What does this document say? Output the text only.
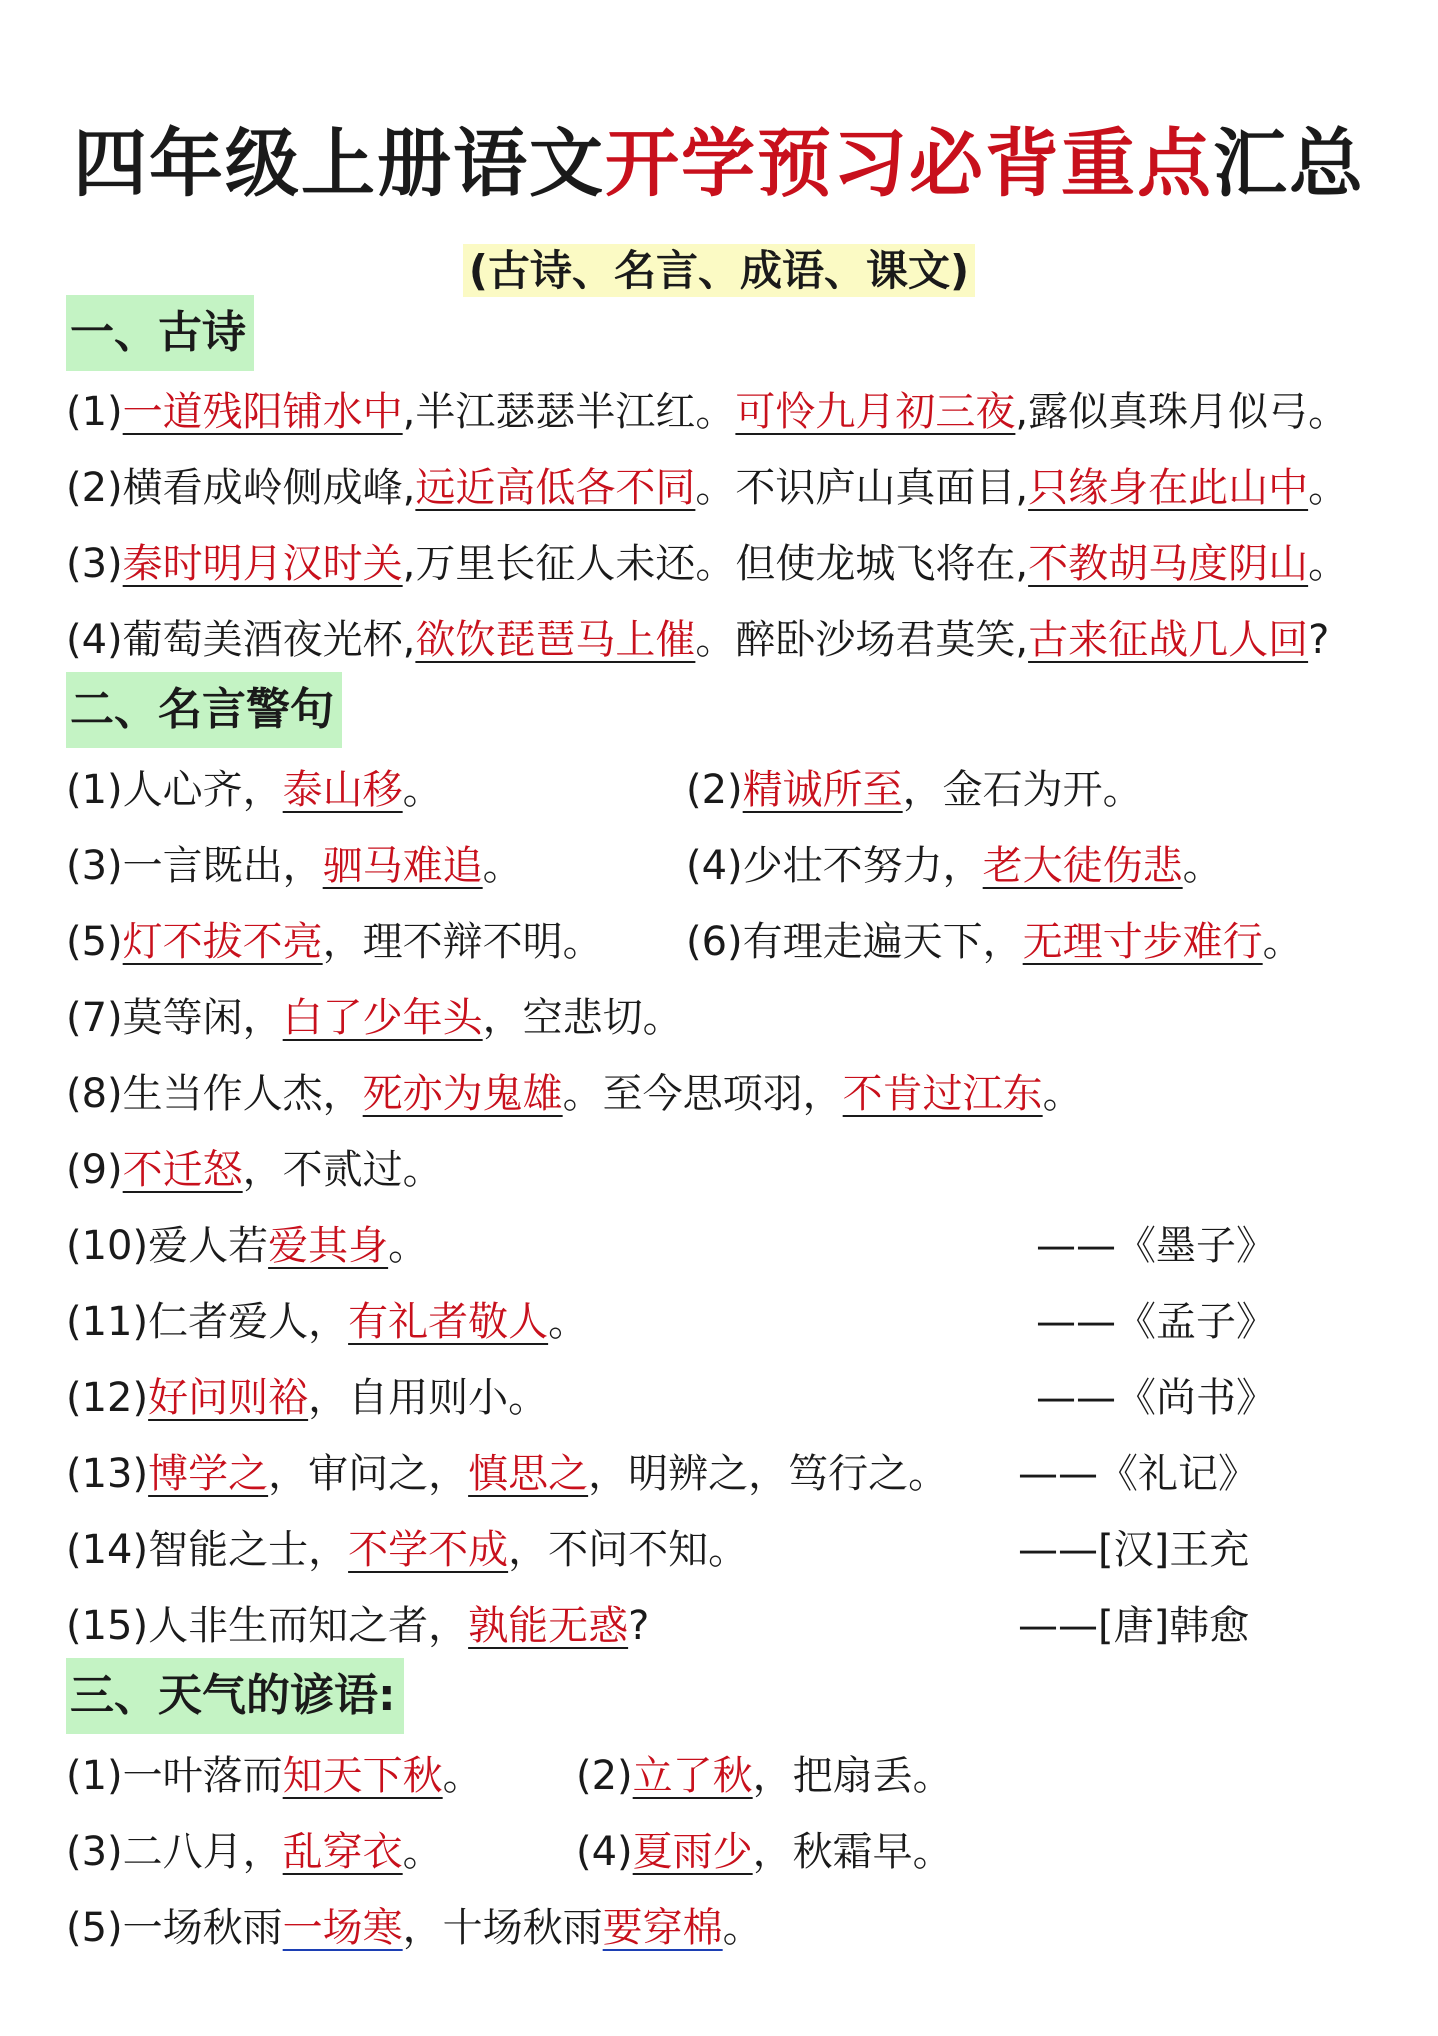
四年级上册语文开学预习必背重点汇总
(古诗、名言、成语、课文)
一、古诗
(1)一道残阳铺水中,半江瑟瑟半江红。可怜九月初三夜,露似真珠月似弓。
(2)横看成岭侧成峰,远近高低各不同。不识庐山真面目,只缘身在此山中。
(3)秦时明月汉时关,万里长征人未还。但使龙城飞将在,不教胡马度阴山。
(4)葡萄美酒夜光杯,欲饮琵琶马上催。醉卧沙场君莫笑,古来征战几人回?
二、名言警句
(1)人心齐，泰山移。	(2)精诚所至，金石为开。
(3)一言既出，驷马难追。	(4)少壮不努力，老大徒伤悲。
(5)灯不拔不亮，理不辩不明。 (6)有理走遍天下，无理寸步难行。
(7)莫等闲，白了少年头，空悲切。
(8)生当作人杰，死亦为鬼雄。至今思项羽，不肯过江东。
(9)不迁怒，不贰过。
(10)爱人若爱其身。	——《墨子》
(11)仁者爱人，有礼者敬人。	——《孟子》
(12)好问则裕，自用则小。	——《尚书》
(13)博学之，审问之，慎思之，明辨之，笃行之。 ——《礼记》
(14)智能之士，不学不成，不问不知。	——[汉]王充
(15)人非生而知之者，孰能无惑?	——[唐]韩愈
三、天气的谚语:
(1)一叶落而知天下秋。 (2)立了秋，把扇丢。
(3)二八月，乱穿衣。	(4)夏雨少，秋霜早。
(5)一场秋雨一场寒，十场秋雨要穿棉。
